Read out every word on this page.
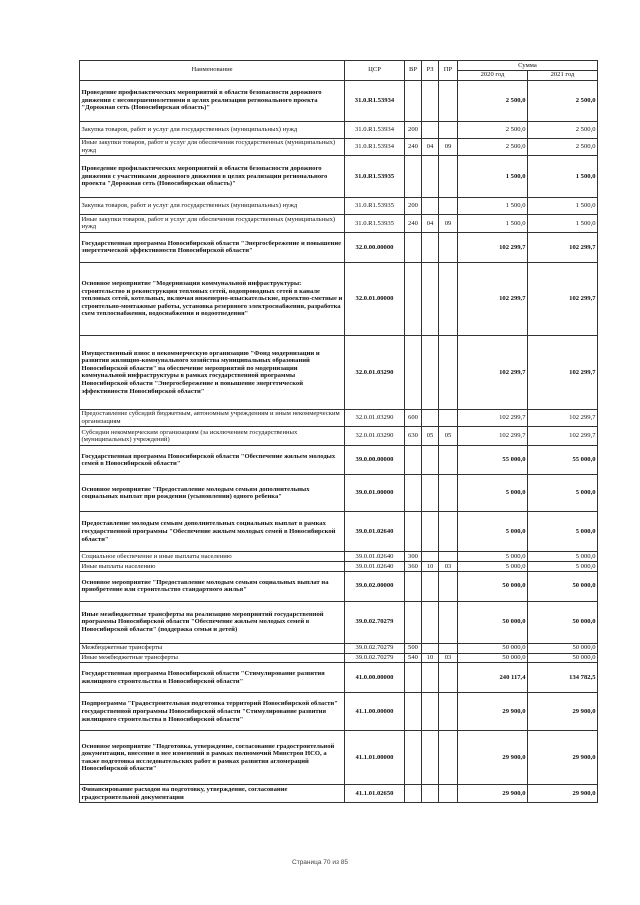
Наименование	ЦСР	ВР	РЗ	ПР	Сумма	
					2020 год	2021 год
Проведение профилактических мероприятий в области безопасности дорожного движения с несовершеннолетними в целях реализации регионального проекта "Дорожная сеть (Новосибирская область)"	31.0.R1.53934				2 500,0	2 500,0
Закупка товаров, работ и услуг для государственных (муниципальных) нужд	31.0.R1.53934	200			2 500,0	2 500,0
Иные закупки товаров, работ и услуг для обеспечения государственных (муниципальных) нужд	31.0.R1.53934	240	04	09	2 500,0	2 500,0
Проведение профилактических мероприятий в области безопасности дорожного движения с участниками дорожного движения в целях реализации регионального проекта "Дорожная сеть (Новосибирская область)"	31.0.R1.53935				1 500,0	1 500,0
Закупка товаров, работ и услуг для государственных (муниципальных) нужд	31.0.R1.53935	200			1 500,0	1 500,0
Иные закупки товаров, работ и услуг для обеспечения государственных (муниципальных) нужд	31.0.R1.53935	240	04	09	1 500,0	1 500,0
Государственная программа Новосибирской области "Энергосбережение и повышение энергетической эффективности Новосибирской области"	32.0.00.00000				102 299,7	102 299,7
Основное мероприятие "Модернизация коммунальной инфраструктуры: строительство и реконструкция тепловых сетей, водопроводных сетей в канале тепловых сетей, котельных, включая инженерно-изыскательские, проектно-сметные и строительно-монтажные работы, установка резервного электроснабжения, разработка схем теплоснабжения, водоснабжения и водоотведения"	32.0.01.00000				102 299,7	102 299,7
Имущественный взнос в некоммерческую организацию "Фонд модернизации и развития жилищно-коммунального хозяйства муниципальных образований Новосибирской области" на обеспечение мероприятий по модернизации коммунальной инфраструктуры в рамках государственной программы Новосибирской области "Энергосбережение и повышение энергетической эффективности Новосибирской области"	32.0.01.03290				102 299,7	102 299,7
Предоставление субсидий бюджетным, автономным учреждениям и иным некоммерческим организациям	32.0.01.03290	600			102 299,7	102 299,7
Субсидии некоммерческим организациям (за исключением государственных (муниципальных) учреждений)	32.0.01.03290	630	05	05	102 299,7	102 299,7
Государственная программа Новосибирской области "Обеспечение жильем молодых семей в Новосибирской области"	39.0.00.00000				55 000,0	55 000,0
Основное мероприятие "Предоставление молодым семьям дополнительных социальных выплат при рождении (усыновлении) одного ребенка"	39.0.01.00000				5 000,0	5 000,0
Предоставление молодым семьям дополнительных социальных выплат в рамках государственной программы "Обеспечение жильем молодых семей в Новосибирской области"	39.0.01.02640				5 000,0	5 000,0
Социальное обеспечение и иные выплаты населению	39.0.01.02640	300			5 000,0	5 000,0
Иные выплаты населению	39.0.01.02640	360	10	03	5 000,0	5 000,0
Основное мероприятие "Предоставление молодым семьям социальных выплат на приобретение или строительство стандартного жилья"	39.0.02.00000				50 000,0	50 000,0
Иные межбюджетные трансферты на реализацию мероприятий государственной программы Новосибирской области "Обеспечение жильем молодых семей в Новосибирской области" (поддержка семьи и детей)	39.0.02.70279				50 000,0	50 000,0
Межбюджетные трансферты	39.0.02.70279	500			50 000,0	50 000,0
Иные межбюджетные трансферты	39.0.02.70279	540	10	03	50 000,0	50 000,0
Государственная программа Новосибирской области "Стимулирование развития жилищного строительства в Новосибирской области"	41.0.00.00000				240 117,4	134 782,5
Подпрограмма "Градостроительная подготовка территорий Новосибирской области" государственной программы Новосибирской области "Стимулирование развития жилищного строительства в Новосибирской области"	41.1.00.00000				29 900,0	29 900,0
Основное мероприятие "Подготовка, утверждение, согласование градостроительной документации, внесение в нее изменений в рамках полномочий Минстроя НСО, а также подготовка исследовательских работ в рамках развития агломераций Новосибирской области"	41.1.01.00000				29 900,0	29 900,0
Финансирование расходов на подготовку, утверждение, согласование градостроительной документации	41.1.01.02650				29 900,0	29 900,0
Страница 70 из 85
